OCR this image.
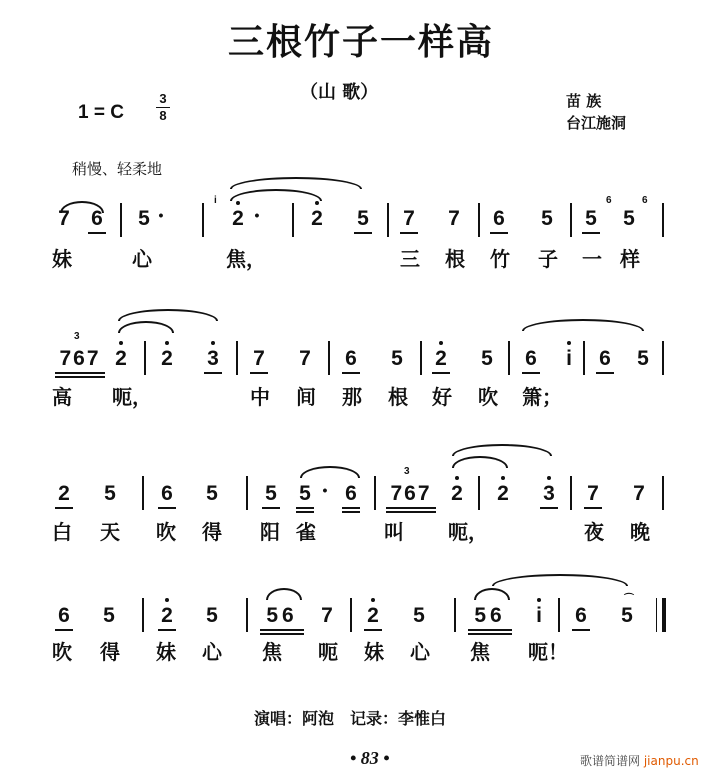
三根竹子一样高
（山 歌）
1 = C
3
8
苗 族
台江施洞
稍慢、轻柔地
7 6 5 •
i
2 •	2 5 7 7 6 5 5
6
5
6
妹	心	焦，	三 根 竹 子 一 样
3
767 2 2 3 7 7 6 5 2 5 6 i 6 5
高 呃，	中 间 那 根 好 吹 箫；
2 5 6 5 5 5 • 6
3
767 2 2 3 7 7
白 天 吹 得 阳 雀	叫 呃，	夜 晚
6 5 2 5	56	7 2 5	56	i 6
⌒
5
吹 得 妹 心 焦 呃 妹 心 焦 呃！
演唱：阿泡　记录：李惟白
• 83 •	歌谱简谱网 jianpu.cn
